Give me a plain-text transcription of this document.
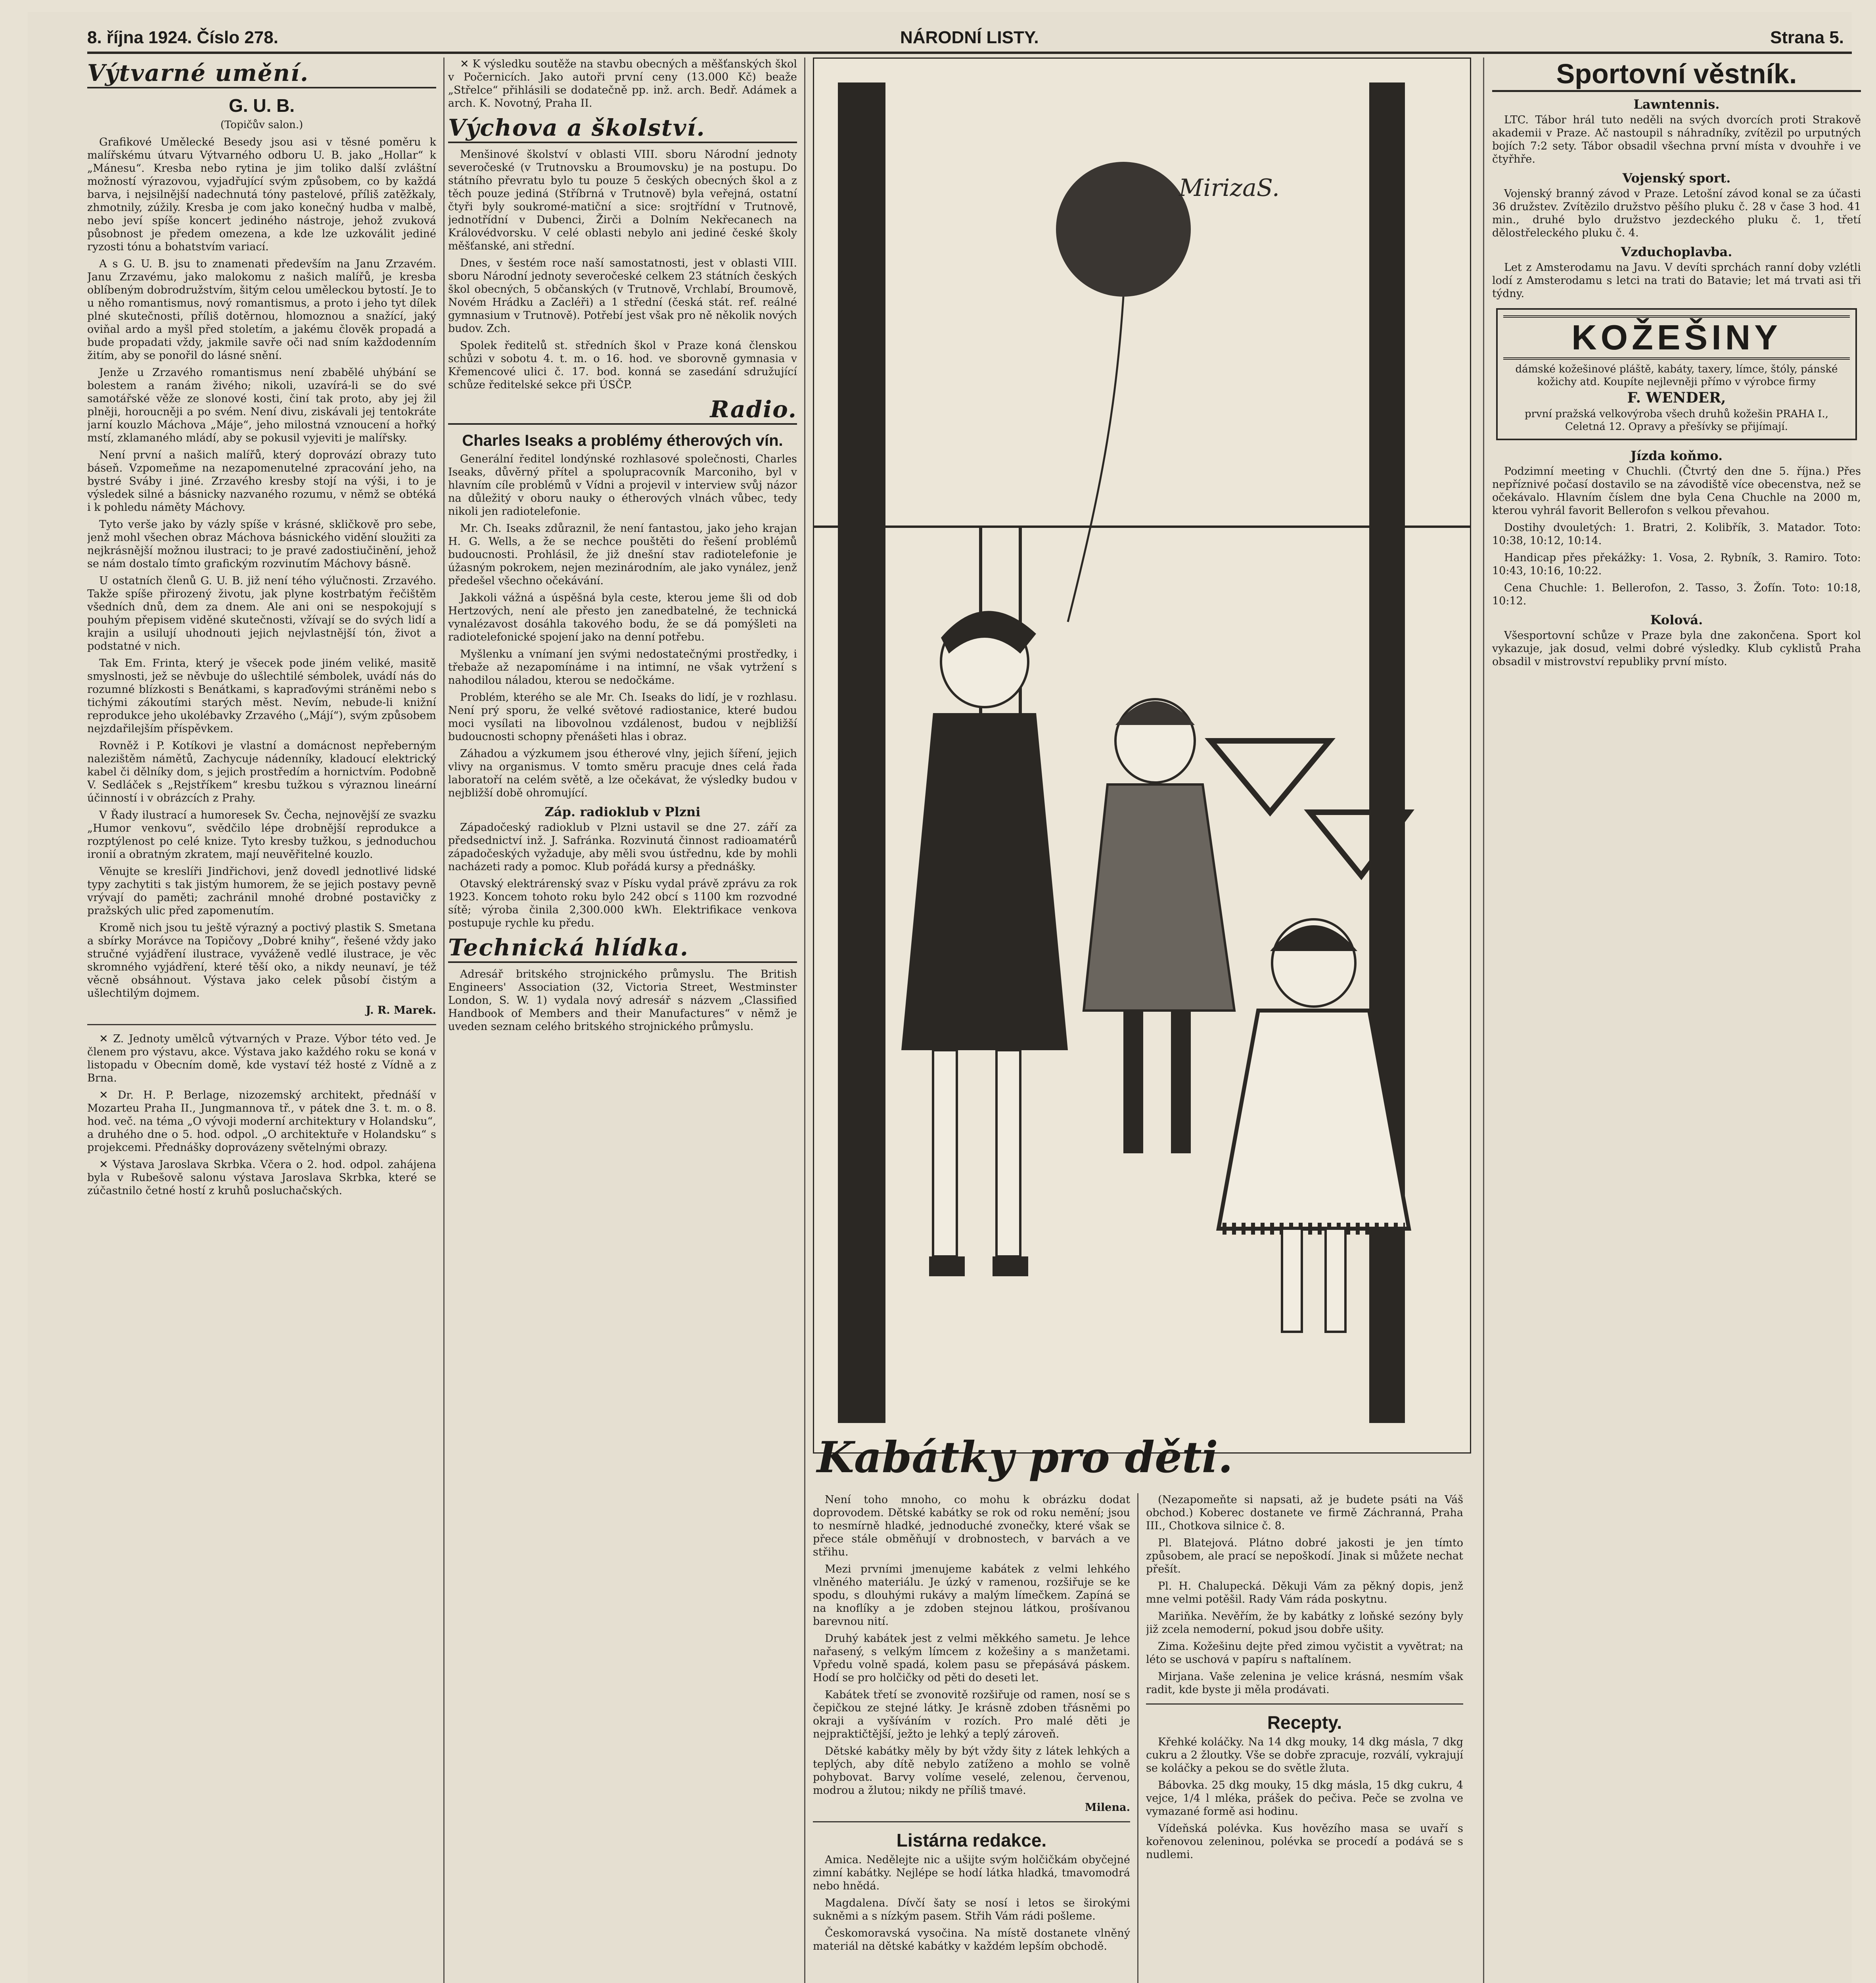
8. října 1924. Číslo 278.	NÁRODNÍ LISTY.	Strana 5.
Výtvarné umění.
G. U. B.
(Topičův salon.)

Grafikové Umělecké Besedy jsou asi v těsné poměru k malířskému útvaru Výtvarného odboru U. B. jako „Hollar“ k „Mánesu“. Kresba nebo rytina je jim toliko další zvláštní možností výrazovou, vyjadřující svým způsobem, co by každá barva, i nejsilnější nadechnutá tóny pastelové, příliš zatěžkaly, zhmotnily, zúžily. Kresba je com jako konečný hudba v malbě, nebo jeví spíše koncert jediného nástroje, jehož zvuková působnost je předem omezena, a kde lze uzkoválit jediné ryzosti tónu a bohatstvím variací.

A s G. U. B. jsu to znamenati především na Janu Zrzavém. Janu Zrzavému, jako malokomu z našich malířů, je kresba oblíbeným dobrodružstvím, šitým celou uměleckou bytostí. Je to u něho romantismus, nový romantismus, a proto i jeho tyt dílek plné skutečnosti, příliš dotěrnou, hlomoznou a snažící, jaký oviňal ardo a myšl před stoletím, a jakému člověk propadá a bude propadati vždy, jakmile savře oči nad sním každodenním žitím, aby se ponořil do lásné snění.

Jenže u Zrzavého romantismus není zbabělé uhýbání se bolestem a ranám živého; nikoli, uzavírá-li se do své samotářské věže ze slonové kosti, činí tak proto, aby jej žil plněji, horoucněji a po svém. Není divu, ziskávali jej tentokráte jarní kouzlo Máchova „Máje“, jeho milostná vznoucení a hořký mstí, zklamaného mládí, aby se pokusil vyjeviti je malířsky.

Není první a našich malířů, který doprovází obrazy tuto báseň. Vzpomeňme na nezapomenutelné zpracování jeho, na bystré Sváby i jiné. Zrzavého kresby stojí na výši, i to je výsledek silné a básnicky nazvaného rozumu, v němž se obtéká i k pohledu náměty Máchovy.

Tyto verše jako by vázly spíše v krásné, skličkově pro sebe, jenž mohl všechen obraz Máchova básnického vidění sloužiti za nejkrásnější možnou ilustraci; to je pravé zadostiučinění, jehož se nám dostalo tímto grafickým rozvinutím Máchovy básně.

U ostatních členů G. U. B. již není tého výlučnosti. Zrzavého. Takže spíše přirozený životu, jak plyne kostrbatým řečištěm všedních dnů, dem za dnem. Ale ani oni se nespokojují s pouhým přepisem viděné skutečnosti, vžívají se do svých lidí a krajin a usilují uhodnouti jejich nejvlastnější tón, život a podstatné v nich.

Tak Em. Frinta, který je všecek pode jiném veliké, masitě smyslnosti, jež se něvbuje do ušlechtilé sémbolek, uvádí nás do rozumné blízkosti s Benátkami, s kapraďovými stráněmi nebo s tichými zákoutími starých měst. Nevím, nebude-li knižní reprodukce jeho ukolébavky Zrzavého („Májí“), svým způsobem nejzdařilejším příspěvkem.

Rovněž i P. Kotíkovi je vlastní a domácnost nepřeberným nalezištěm námětů, Zachycuje nádenníky, kladoucí elektrický kabel či dělníky dom, s jejich prostředím a hornictvím. Podobně V. Sedláček s „Rejstříkem“ kresbu tužkou s výraznou lineární účinností i v obrázcích z Prahy.

V Řady ilustrací a humoresek Sv. Čecha, nejnovější ze svazku „Humor venkovu“, svědčilo lépe drobnější reprodukce a rozptýlenost po celé knize. Tyto kresby tužkou, s jednoduchou ironií a obratným zkratem, mají neuvěřitelné kouzlo.

Věnujte se kreslíři Jindřichovi, jenž dovedl jednotlivé lidské typy zachytiti s tak jistým humorem, že se jejich postavy pevně vrývají do paměti; zachránil mnohé drobné postavičky z pražských ulic před zapomenutím.

Kromě nich jsou tu ještě výrazný a poctivý plastik S. Smetana a sbírky Morávce na Topičovy „Dobré knihy“, řešené vždy jako stručné vyjádření ilustrace, vyváženě vedlé ilustrace, je věc skromného vyjádření, které těší oko, a nikdy neunaví, je též věcně obsáhnout. Výstava jako celek působí čistým a ušlechtilým dojmem.

J. R. Marek.

✕ Z. Jednoty umělců výtvarných v Praze. Výbor této ved. Je členem pro výstavu, akce. Výstava jako každého roku se koná v listopadu v Obecním domě, kde vystaví též hosté z Vídně a z Brna.

✕ Dr. H. P. Berlage, nizozemský architekt, přednáší v Mozarteu Praha II., Jungmannova tř., v pátek dne 3. t. m. o 8. hod. več. na téma „O vývoji moderní architektury v Holandsku“, a druhého dne o 5. hod. odpol. „O architektuře v Holandsku“ s projekcemi. Přednášky doprovázeny světelnými obrazy.

✕ Výstava Jaroslava Skrbka. Včera o 2. hod. odpol. zahájena byla v Rubešově salonu výstava Jaroslava Skrbka, které se zúčastnilo četné hostí z kruhů posluchačských.

✕ K výsledku soutěže na stavbu obecných a měšťanských škol v Počernicích. Jako autoři první ceny (13.000 Kč) beaže „Střelce“ přihlásili se dodatečně pp. inž. arch. Bedř. Adámek a arch. K. Novotný, Praha II.

Výchova a školství.

Menšinové školství v oblasti VIII. sboru Národní jednoty severočeské (v Trutnovsku a Broumovsku) je na postupu. Do státního převratu bylo tu pouze 5 českých obecných škol a z těch pouze jediná (Stříbrná v Trutnově) byla veřejná, ostatní čtyři byly soukromé-matiční a sice: srojtřídní v Trutnově, jednotřídní v Dubenci, Žirči a Dolním Nekřecanech na Královédvorsku. V celé oblasti nebylo ani jediné české školy měšťanské, ani střední.

Dnes, v šestém roce naší samostatnosti, jest v oblasti VIII. sboru Národní jednoty severočeské celkem 23 státních českých škol obecných, 5 občanských (v Trutnově, Vrchlabí, Broumově, Novém Hrádku a Zacléři) a 1 střední (česká stát. ref. reálné gymnasium v Trutnově). Potřebí jest však pro ně několik nových budov. Zch.

Spolek ředitelů st. středních škol v Praze koná členskou schůzi v sobotu 4. t. m. o 16. hod. ve sborovně gymnasia v Křemencové ulici č. 17. bod. konná se zasedání sdružující schůze ředitelské sekce při ÚSČP.

Radio.
Charles Iseaks a problémy étherových vín.

Generální ředitel londýnské rozhlasové společnosti, Charles Iseaks, důvěrný přítel a spolupracovník Marconiho, byl v hlavním cíle problémů v Vídni a projevil v interview svůj názor na důležitý v oboru nauky o étherových vlnách vůbec, tedy nikoli jen radiotelefonie.

Mr. Ch. Iseaks zdůraznil, že není fantastou, jako jeho krajan H. G. Wells, a že se nechce pouštěti do řešení problémů budoucnosti. Prohlásil, že již dnešní stav radiotelefonie je úžasným pokrokem, nejen mezinárodním, ale jako vynález, jenž předešel všechno očekávání.

Jakkoli vážná a úspěšná byla ceste, kterou jeme šli od dob Hertzových, není ale přesto jen zanedbatelné, že technická vynalézavost dosáhla takového bodu, že se dá pomýšleti na radiotelefonické spojení jako na denní potřebu.

Myšlenku a vnímaní jen svými nedostatečnými prostředky, i třebaže až nezapomínáme i na intimní, ne však vytržení s nahodilou náladou, kterou se nedočkáme.

Problém, kterého se ale Mr. Ch. Iseaks do lidí, je v rozhlasu. Není prý sporu, že velké světové radiostanice, které budou moci vysílati na libovolnou vzdálenost, budou v nejbližší budoucnosti schopny přenášeti hlas i obraz.

Záhadou a výzkumem jsou étherové vlny, jejich šíření, jejich vlivy na organismus. V tomto směru pracuje dnes celá řada laboratoří na celém světě, a lze očekávat, že výsledky budou v nejbližší době ohromující.

Záp. radioklub v Plzni

Západočeský radioklub v Plzni ustavil se dne 27. září za předsednictví inž. J. Safránka. Rozvinutá činnost radioamatérů západočeských vyžaduje, aby měli svou ústřednu, kde by mohli nacházeti rady a pomoc. Klub pořádá kursy a přednášky.

Otavský elektrárenský svaz v Písku vydal právě zprávu za rok 1923. Koncem tohoto roku bylo 242 obcí s 1100 km rozvodné sítě; výroba činila 2,300.000 kWh. Elektrifikace venkova postupuje rychle ku předu.

Technická hlídka.

Adresář britského strojnického průmyslu. The British Engineers' Association (32, Victoria Street, Westminster London, S. W. 1) vydala nový adresář s názvem „Classified Handbook of Members and their Manufactures“ v němž je uveden seznam celého britského strojnického průmyslu.

MirizaS.
Kabátky pro děti.

Není toho mnoho, co mohu k obrázku dodat doprovodem. Dětské kabátky se rok od roku nemění; jsou to nesmírně hladké, jednoduché zvonečky, které však se přece stále obměňují v drobnostech, v barvách a ve střihu.

Mezi prvními jmenujeme kabátek z velmi lehkého vlněného materiálu. Je úzký v ramenou, rozšiřuje se ke spodu, s dlouhými rukávy a malým límečkem. Zapíná se na knoflíky a je zdoben stejnou látkou, prošívanou barevnou nití.

Druhý kabátek jest z velmi měkkého sametu. Je lehce nařasený, s velkým límcem z kožešiny a s manžetami. Vpředu volně spadá, kolem pasu se přepásává páskem. Hodí se pro holčičky od pěti do deseti let.

Kabátek třetí se zvonovitě rozšiřuje od ramen, nosí se s čepičkou ze stejné látky. Je krásně zdoben třásněmi po okraji a vyšíváním v rozích. Pro malé děti je nejpraktičtější, ježto je lehký a teplý zároveň.

Dětské kabátky měly by být vždy šity z látek lehkých a teplých, aby dítě nebylo zatíženo a mohlo se volně pohybovat. Barvy volíme veselé, zelenou, červenou, modrou a žlutou; nikdy ne příliš tmavé.

Milena.
Listárna redakce.

Amica. Nedělejte nic a ušijte svým holčičkám obyčejné zimní kabátky. Nejlépe se hodí látka hladká, tmavomodrá nebo hnědá.

Magdalena. Dívčí šaty se nosí i letos se širokými sukněmi a s nízkým pasem. Střih Vám rádi pošleme.

Českomoravská vysočina. Na místě dostanete vlněný materiál na dětské kabátky v každém lepším obchodě.

(Nezapomeňte si napsati, až je budete psáti na Váš obchod.) Koberec dostanete ve firmě Záchranná, Praha III., Chotkova silnice č. 8.

Pl. Blatejová. Plátno dobré jakosti je jen tímto způsobem, ale prací se nepoškodí. Jinak si můžete nechat přešít.

Pl. H. Chalupecká. Děkuji Vám za pěkný dopis, jenž mne velmi potěšil. Rady Vám ráda poskytnu.

Mariňka. Nevěřím, že by kabátky z loňské sezóny byly již zcela nemoderní, pokud jsou dobře ušity.

Zima. Kožešinu dejte před zimou vyčistit a vyvětrat; na léto se uschová v papíru s naftalínem.

Mirjana. Vaše zelenina je velice krásná, nesmím však radit, kde byste ji měla prodávati.

Recepty.

Křehké koláčky. Na 14 dkg mouky, 14 dkg másla, 7 dkg cukru a 2 žloutky. Vše se dobře zpracuje, rozválí, vykrajují se koláčky a pekou se do světle žluta.

Bábovka. 25 dkg mouky, 15 dkg másla, 15 dkg cukru, 4 vejce, 1/4 l mléka, prášek do pečiva. Peče se zvolna ve vymazané formě asi hodinu.

Vídeňská polévka. Kus hovězího masa se uvaří s kořenovou zeleninou, polévka se procedí a podává se s nudlemi.

Sportovní věstník.
Lawntennis.

LTC. Tábor hrál tuto neděli na svých dvorcích proti Strakově akademii v Praze. Ač nastoupil s náhradníky, zvítězil po urputných bojích 7:2 sety. Tábor obsadil všechna první místa v dvouhře i ve čtyřhře.

Vojenský sport.

Vojenský branný závod v Praze. Letošní závod konal se za účasti 36 družstev. Zvítězilo družstvo pěšího pluku č. 28 v čase 3 hod. 41 min., druhé bylo družstvo jezdeckého pluku č. 1, třetí dělostřeleckého pluku č. 4.

Vzduchoplavba.

Let z Amsterodamu na Javu. V devíti sprchách ranní doby vzlétli lodí z Amsterodamu s letci na trati do Batavie; let má trvati asi tři týdny.

KOŽEŠINY
dámské kožešinové pláště, kabáty, taxery, límce, štóly, pánské kožichy atd. Koupíte nejlevněji přímo v výrobce firmy
F. WENDER,
první pražská velkovýroba všech druhů kožešin PRAHA I., Celetná 12. Opravy a přešívky se přijímají.
Jízda koňmo.

Podzimní meeting v Chuchli. (Čtvrtý den dne 5. října.) Přes nepříznivé počasí dostavilo se na závodiště více obecenstva, než se očekávalo. Hlavním číslem dne byla Cena Chuchle na 2000 m, kterou vyhrál favorit Bellerofon s velkou převahou.

Dostihy dvouletých: 1. Bratri, 2. Kolibřík, 3. Matador. Toto: 10:38, 10:12, 10:14.

Handicap přes překážky: 1. Vosa, 2. Rybník, 3. Ramiro. Toto: 10:43, 10:16, 10:22.

Cena Chuchle: 1. Bellerofon, 2. Tasso, 3. Žofín. Toto: 10:18, 10:12.

Kolová.

Všesportovní schůze v Praze byla dne zakončena. Sport kol vykazuje, jak dosud, velmi dobré výsledky. Klub cyklistů Praha obsadil v mistrovství republiky první místo.
